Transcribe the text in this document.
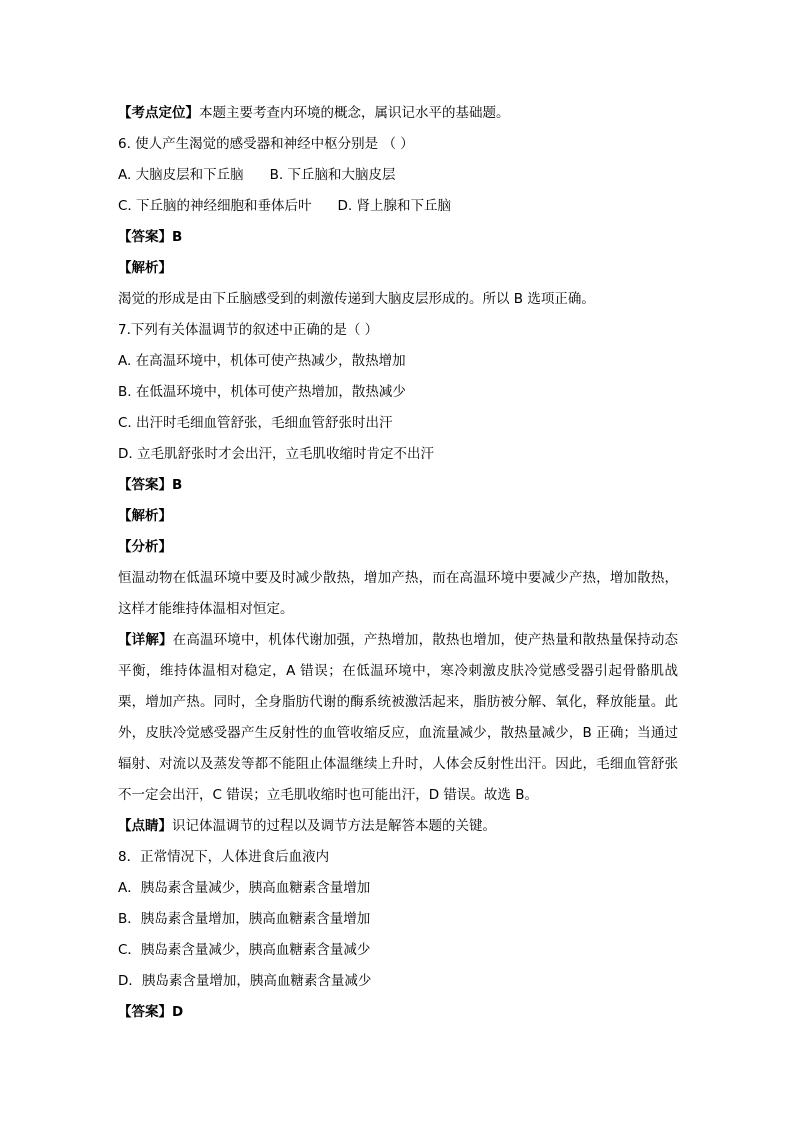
【考点定位】本题主要考查内环境的概念，属识记水平的基础题。
6. 使人产生渴觉的感受器和神经中枢分别是 （ ）
A. 大脑皮层和下丘脑 B. 下丘脑和大脑皮层
C. 下丘脑的神经细胞和垂体后叶 D. 肾上腺和下丘脑
【答案】B
【解析】
渴觉的形成是由下丘脑感受到的刺激传递到大脑皮层形成的。所以 B 选项正确。
7.下列有关体温调节的叙述中正确的是（ ）
A. 在高温环境中，机体可使产热减少，散热增加
B. 在低温环境中，机体可使产热增加，散热减少
C. 出汗时毛细血管舒张，毛细血管舒张时出汗
D. 立毛肌舒张时才会出汗，立毛肌收缩时肯定不出汗
【答案】B
【解析】
【分析】
恒温动物在低温环境中要及时减少散热，增加产热，而在高温环境中要减少产热，增加散热，这样才能维持体温相对恒定。
【详解】在高温环境中，机体代谢加强，产热增加，散热也增加，使产热量和散热量保持动态平衡，维持体温相对稳定，A 错误；在低温环境中，寒冷刺激皮肤冷觉感受器引起骨骼肌战栗，增加产热。同时，全身脂肪代谢的酶系统被激活起来，脂肪被分解、氧化，释放能量。此外，皮肤冷觉感受器产生反射性的血管收缩反应，血流量减少，散热量减少，B 正确；当通过辐射、对流以及蒸发等都不能阻止体温继续上升时，人体会反射性出汗。因此，毛细血管舒张不一定会出汗，C 错误；立毛肌收缩时也可能出汗，D 错误。故选 B。
【点睛】识记体温调节的过程以及调节方法是解答本题的关键。
8．正常情况下，人体进食后血液内
A．胰岛素含量减少，胰高血糖素含量增加
B．胰岛素含量增加，胰高血糖素含量增加
C．胰岛素含量减少，胰高血糖素含量减少
D．胰岛素含量增加，胰高血糖素含量减少
【答案】D
